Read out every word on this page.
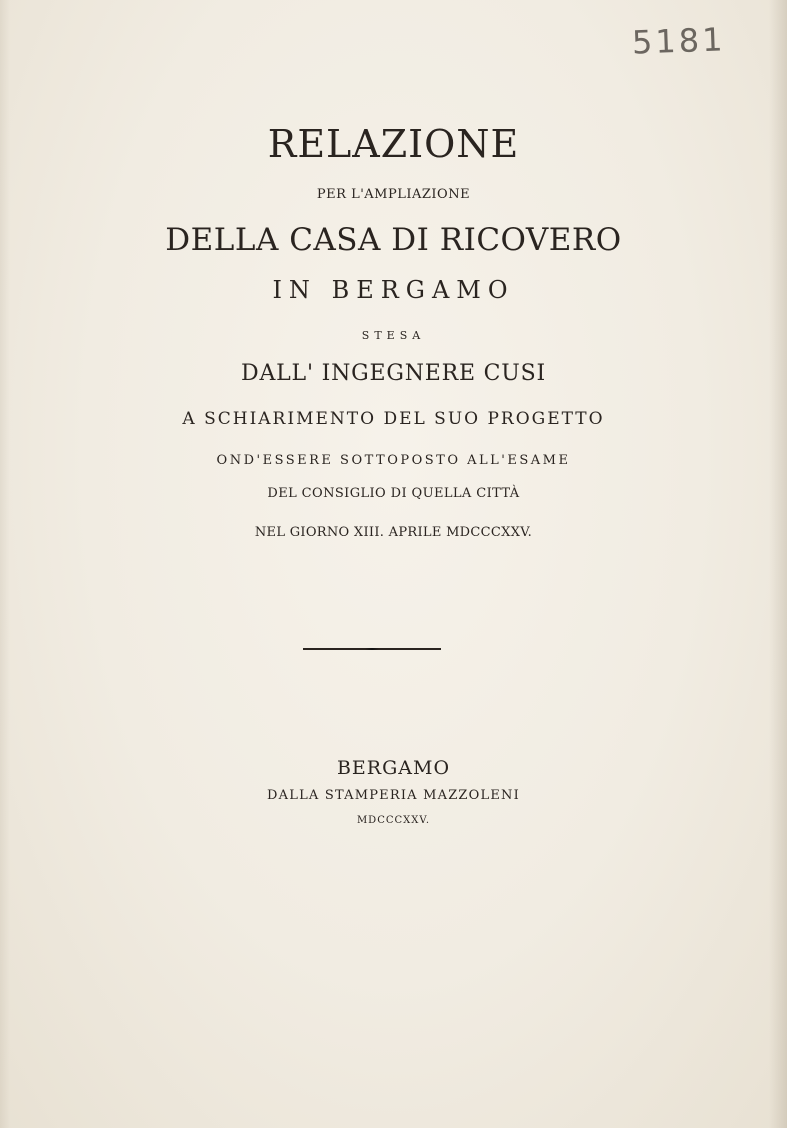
5181
RELAZIONE
PER L'AMPLIAZIONE
DELLA CASA DI RICOVERO
IN BERGAMO
STESA
DALL' INGEGNERE CUSI
A SCHIARIMENTO DEL SUO PROGETTO
OND'ESSERE SOTTOPOSTO ALL'ESAME
DEL CONSIGLIO DI QUELLA CITTÀ
NEL GIORNO XIII. APRILE MDCCCXXV.
BERGAMO
DALLA STAMPERIA MAZZOLENI
MDCCCXXV.
